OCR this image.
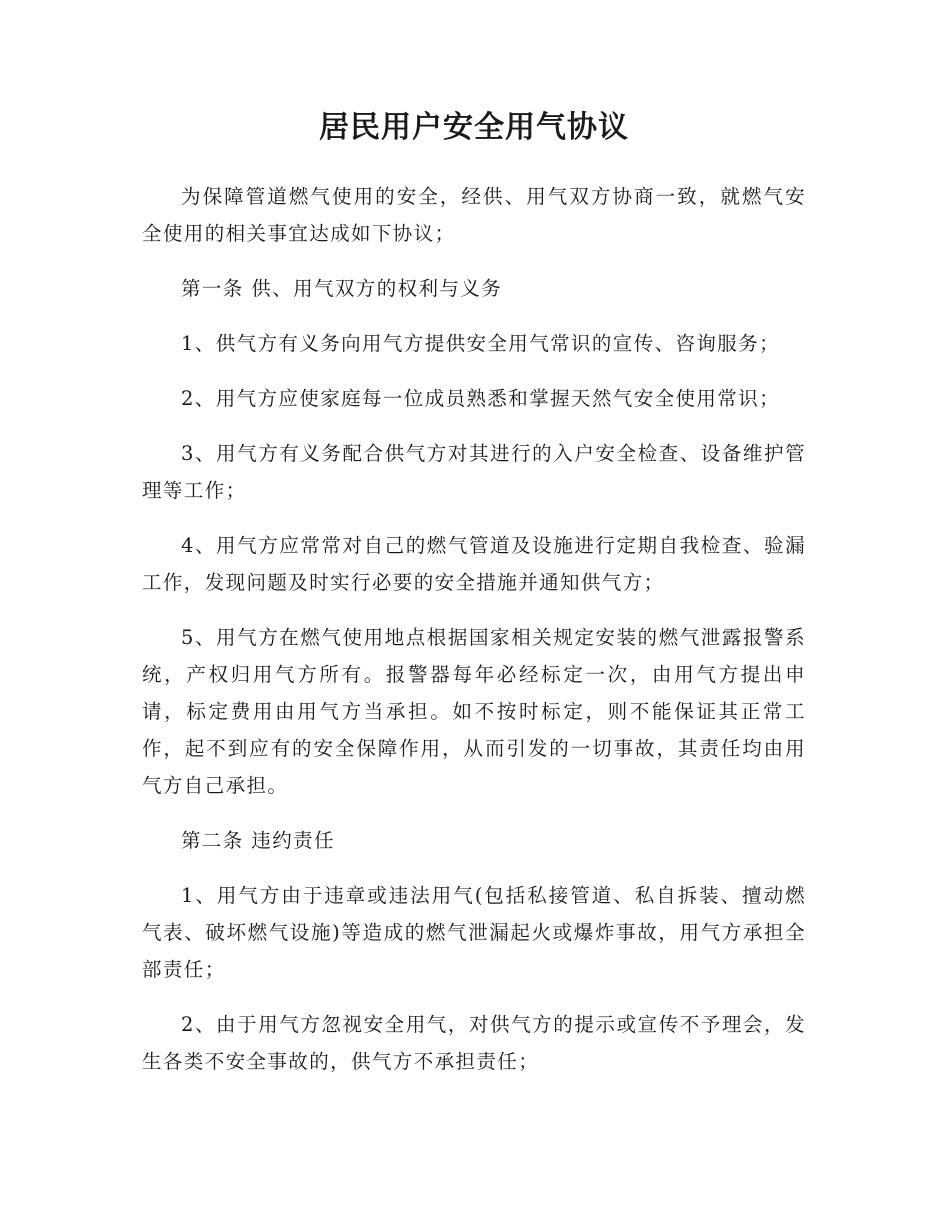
居民用户安全用气协议

为保障管道燃气使用的安全，经供、用气双方协商一致，就燃气安全使用的相关事宜达成如下协议；

第一条 供、用气双方的权利与义务

1、供气方有义务向用气方提供安全用气常识的宣传、咨询服务；

2、用气方应使家庭每一位成员熟悉和掌握天然气安全使用常识；

3、用气方有义务配合供气方对其进行的入户安全检查、设备维护管理等工作；

4、用气方应常常对自己的燃气管道及设施进行定期自我检查、验漏工作，发现问题及时实行必要的安全措施并通知供气方；

5、用气方在燃气使用地点根据国家相关规定安装的燃气泄露报警系统，产权归用气方所有。报警器每年必经标定一次，由用气方提出申请，标定费用由用气方当承担。如不按时标定，则不能保证其正常工作，起不到应有的安全保障作用，从而引发的一切事故，其责任均由用气方自己承担。

第二条 违约责任

1、用气方由于违章或违法用气(包括私接管道、私自拆装、擅动燃气表、破坏燃气设施)等造成的燃气泄漏起火或爆炸事故，用气方承担全部责任；

2、由于用气方忽视安全用气，对供气方的提示或宣传不予理会，发生各类不安全事故的，供气方不承担责任；
